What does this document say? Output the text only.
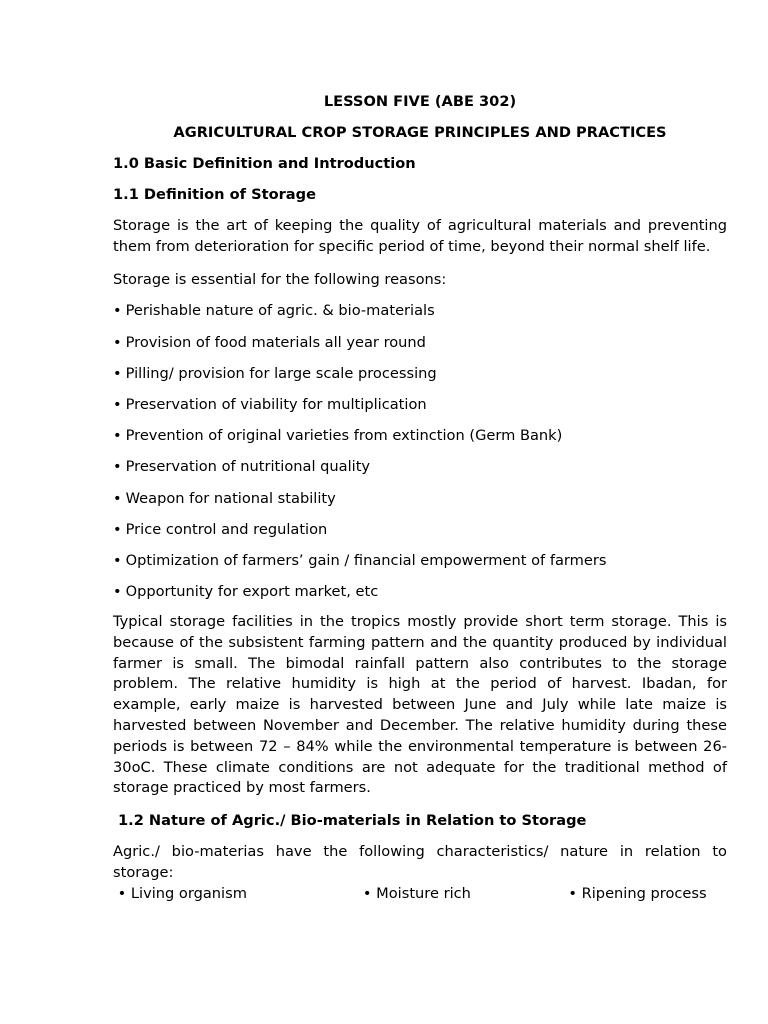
LESSON FIVE (ABE 302)

AGRICULTURAL CROP STORAGE PRINCIPLES AND PRACTICES

1.0 Basic Definition and Introduction

1.1 Definition of Storage

Storage is the art of keeping the quality of agricultural materials and preventing them from deterioration for specific period of time, beyond their normal shelf life.

Storage is essential for the following reasons:

• Perishable nature of agric. & bio-materials
• Provision of food materials all year round
• Pilling/ provision for large scale processing
• Preservation of viability for multiplication
• Prevention of original varieties from extinction (Germ Bank)
• Preservation of nutritional quality
• Weapon for national stability
• Price control and regulation
• Optimization of farmers’ gain / financial empowerment of farmers
• Opportunity for export market, etc

Typical storage facilities in the tropics mostly provide short term storage. This is because of the subsistent farming pattern and the quantity produced by individual farmer is small. The bimodal rainfall pattern also contributes to the storage problem. The relative humidity is high at the period of harvest. Ibadan, for example, early maize is harvested between June and July while late maize is harvested between November and December. The relative humidity during these periods is between 72 – 84% while the environmental temperature is between 26-30oC. These climate conditions are not adequate for the traditional method of storage practiced by most farmers.

1.2 Nature of Agric./ Bio-materials in Relation to Storage

Agric./ bio-materias have the following characteristics/ nature in relation to storage:  • Living organism	• Moisture rich	• Ripening process
